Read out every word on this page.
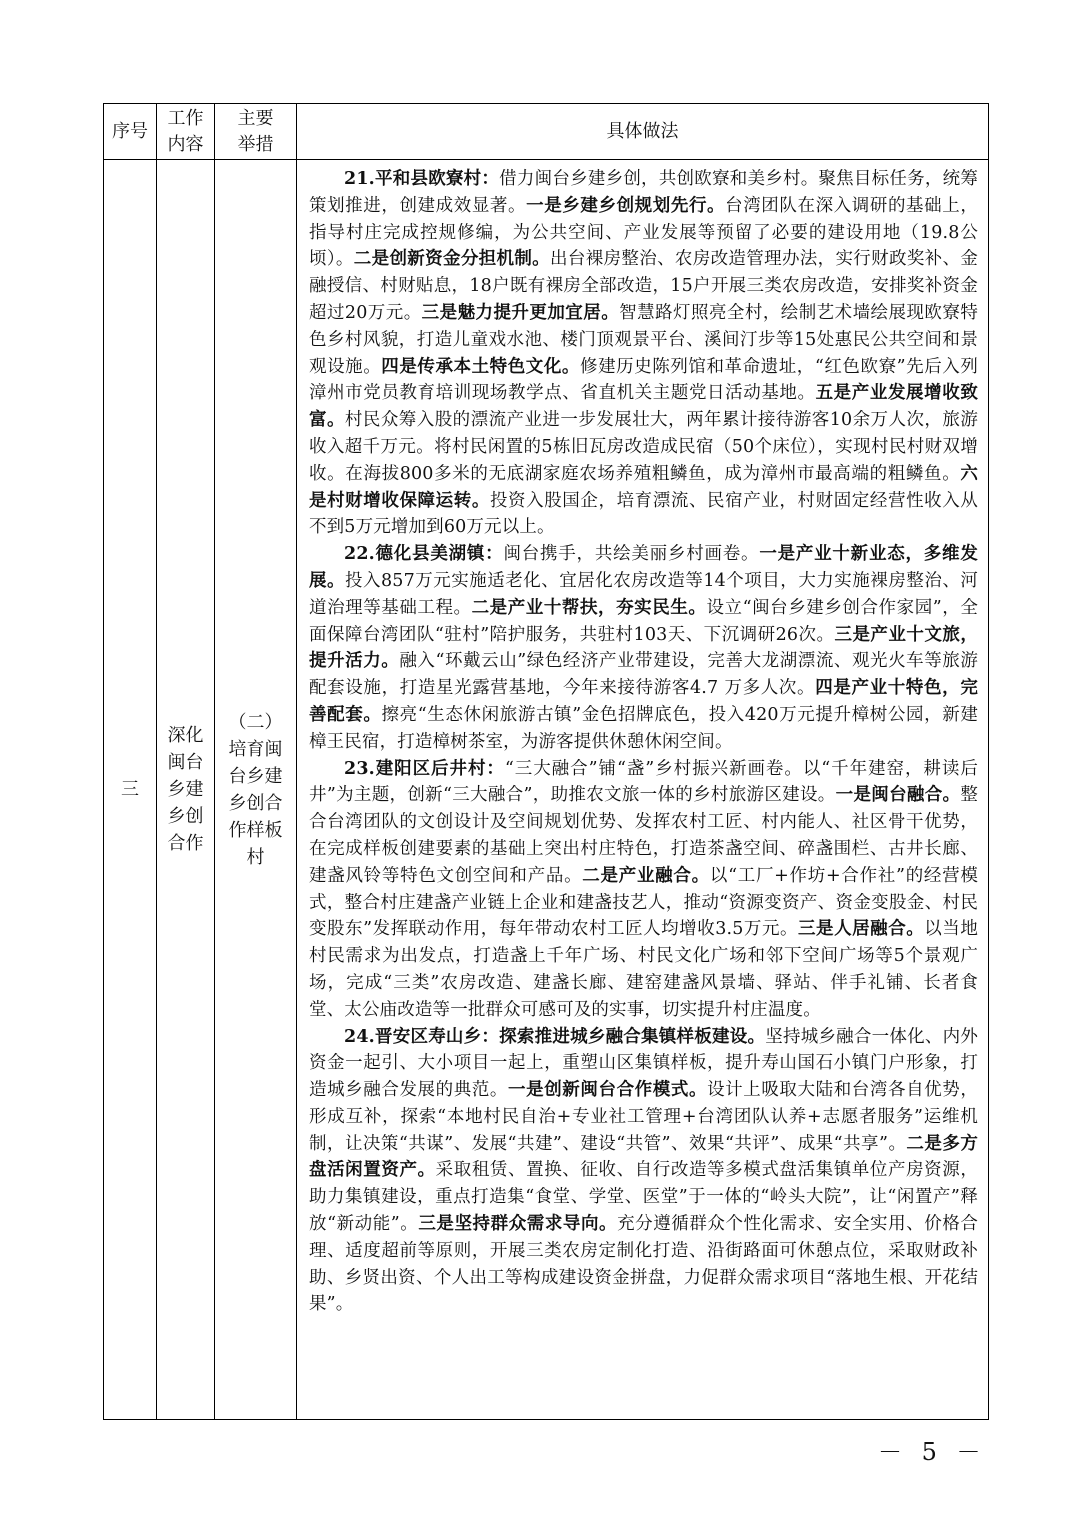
序号	工作内容	主要举措	具体做法
三	深化闽台乡建乡创合作	（二）培育闽台乡建乡创合作样板村	21.平和县欧寮村：借力闽台乡建乡创，共创欧寮和美乡村。聚焦目标任务，统筹策划推进，创建成效显著。一是乡建乡创规划先行。台湾团队在深入调研的基础上，指导村庄完成控规修编，为公共空间、产业发展等预留了必要的建设用地（19.8公顷）。二是创新资金分担机制。出台裸房整治、农房改造管理办法，实行财政奖补、金融授信、村财贴息，18户既有裸房全部改造，15户开展三类农房改造，安排奖补资金超过20万元。三是魅力提升更加宜居。智慧路灯照亮全村，绘制艺术墙绘展现欧寮特色乡村风貌，打造儿童戏水池、楼门顶观景平台、溪间汀步等15处惠民公共空间和景观设施。四是传承本土特色文化。修建历史陈列馆和革命遗址，“红色欧寮”先后入列漳州市党员教育培训现场教学点、省直机关主题党日活动基地。五是产业发展增收致富。村民众筹入股的漂流产业进一步发展壮大，两年累计接待游客10余万人次，旅游收入超千万元。将村民闲置的5栋旧瓦房改造成民宿（50个床位），实现村民村财双增收。在海拔800多米的无底湖家庭农场养殖粗鳞鱼，成为漳州市最高端的粗鳞鱼。六是村财增收保障运转。投资入股国企，培育漂流、民宿产业，村财固定经营性收入从不到5万元增加到60万元以上。

22.德化县美湖镇：闽台携手，共绘美丽乡村画卷。一是产业十新业态，多维发展。投入857万元实施适老化、宜居化农房改造等14个项目，大力实施裸房整治、河道治理等基础工程。二是产业十帮扶，夯实民生。设立“闽台乡建乡创合作家园”，全面保障台湾团队“驻村”陪护服务，共驻村103天、下沉调研26次。三是产业十文旅，提升活力。融入“环戴云山”绿色经济产业带建设，完善大龙湖漂流、观光火车等旅游配套设施，打造星光露营基地，今年来接待游客4.7 万多人次。四是产业十特色，完善配套。擦亮“生态休闲旅游古镇”金色招牌底色，投入420万元提升樟树公园，新建樟王民宿，打造樟树茶室，为游客提供休憩休闲空间。

23.建阳区后井村：“三大融合”铺“盏”乡村振兴新画卷。以“千年建窑，耕读后井”为主题，创新“三大融合”，助推农文旅一体的乡村旅游区建设。一是闽台融合。整合台湾团队的文创设计及空间规划优势、发挥农村工匠、村内能人、社区骨干优势，在完成样板创建要素的基础上突出村庄特色，打造茶盏空间、碎盏围栏、古井长廊、建盏风铃等特色文创空间和产品。二是产业融合。以“工厂+作坊+合作社”的经营模式，整合村庄建盏产业链上企业和建盏技艺人，推动“资源变资产、资金变股金、村民变股东”发挥联动作用，每年带动农村工匠人均增收3.5万元。三是人居融合。以当地村民需求为出发点，打造盏上千年广场、村民文化广场和邻下空间广场等5个景观广场，完成“三类”农房改造、建盏长廊、建窑建盏风景墙、驿站、伴手礼铺、长者食堂、太公庙改造等一批群众可感可及的实事，切实提升村庄温度。

24.晋安区寿山乡：探索推进城乡融合集镇样板建设。坚持城乡融合一体化、内外资金一起引、大小项目一起上，重塑山区集镇样板，提升寿山国石小镇门户形象，打造城乡融合发展的典范。一是创新闽台合作模式。设计上吸取大陆和台湾各自优势，形成互补，探索“本地村民自治+专业社工管理+台湾团队认养+志愿者服务”运维机制，让决策“共谋”、发展“共建”、建设“共管”、效果“共评”、成果“共享”。二是多方盘活闲置资产。采取租赁、置换、征收、自行改造等多模式盘活集镇单位产房资源，助力集镇建设，重点打造集“食堂、学堂、医堂”于一体的“岭头大院”，让“闲置产”释放“新动能”。三是坚持群众需求导向。充分遵循群众个性化需求、安全实用、价格合理、适度超前等原则，开展三类农房定制化打造、沿街路面可休憩点位，采取财政补助、乡贤出资、个人出工等构成建设资金拼盘，力促群众需求项目“落地生根、开花结果”。

－ 5 －
